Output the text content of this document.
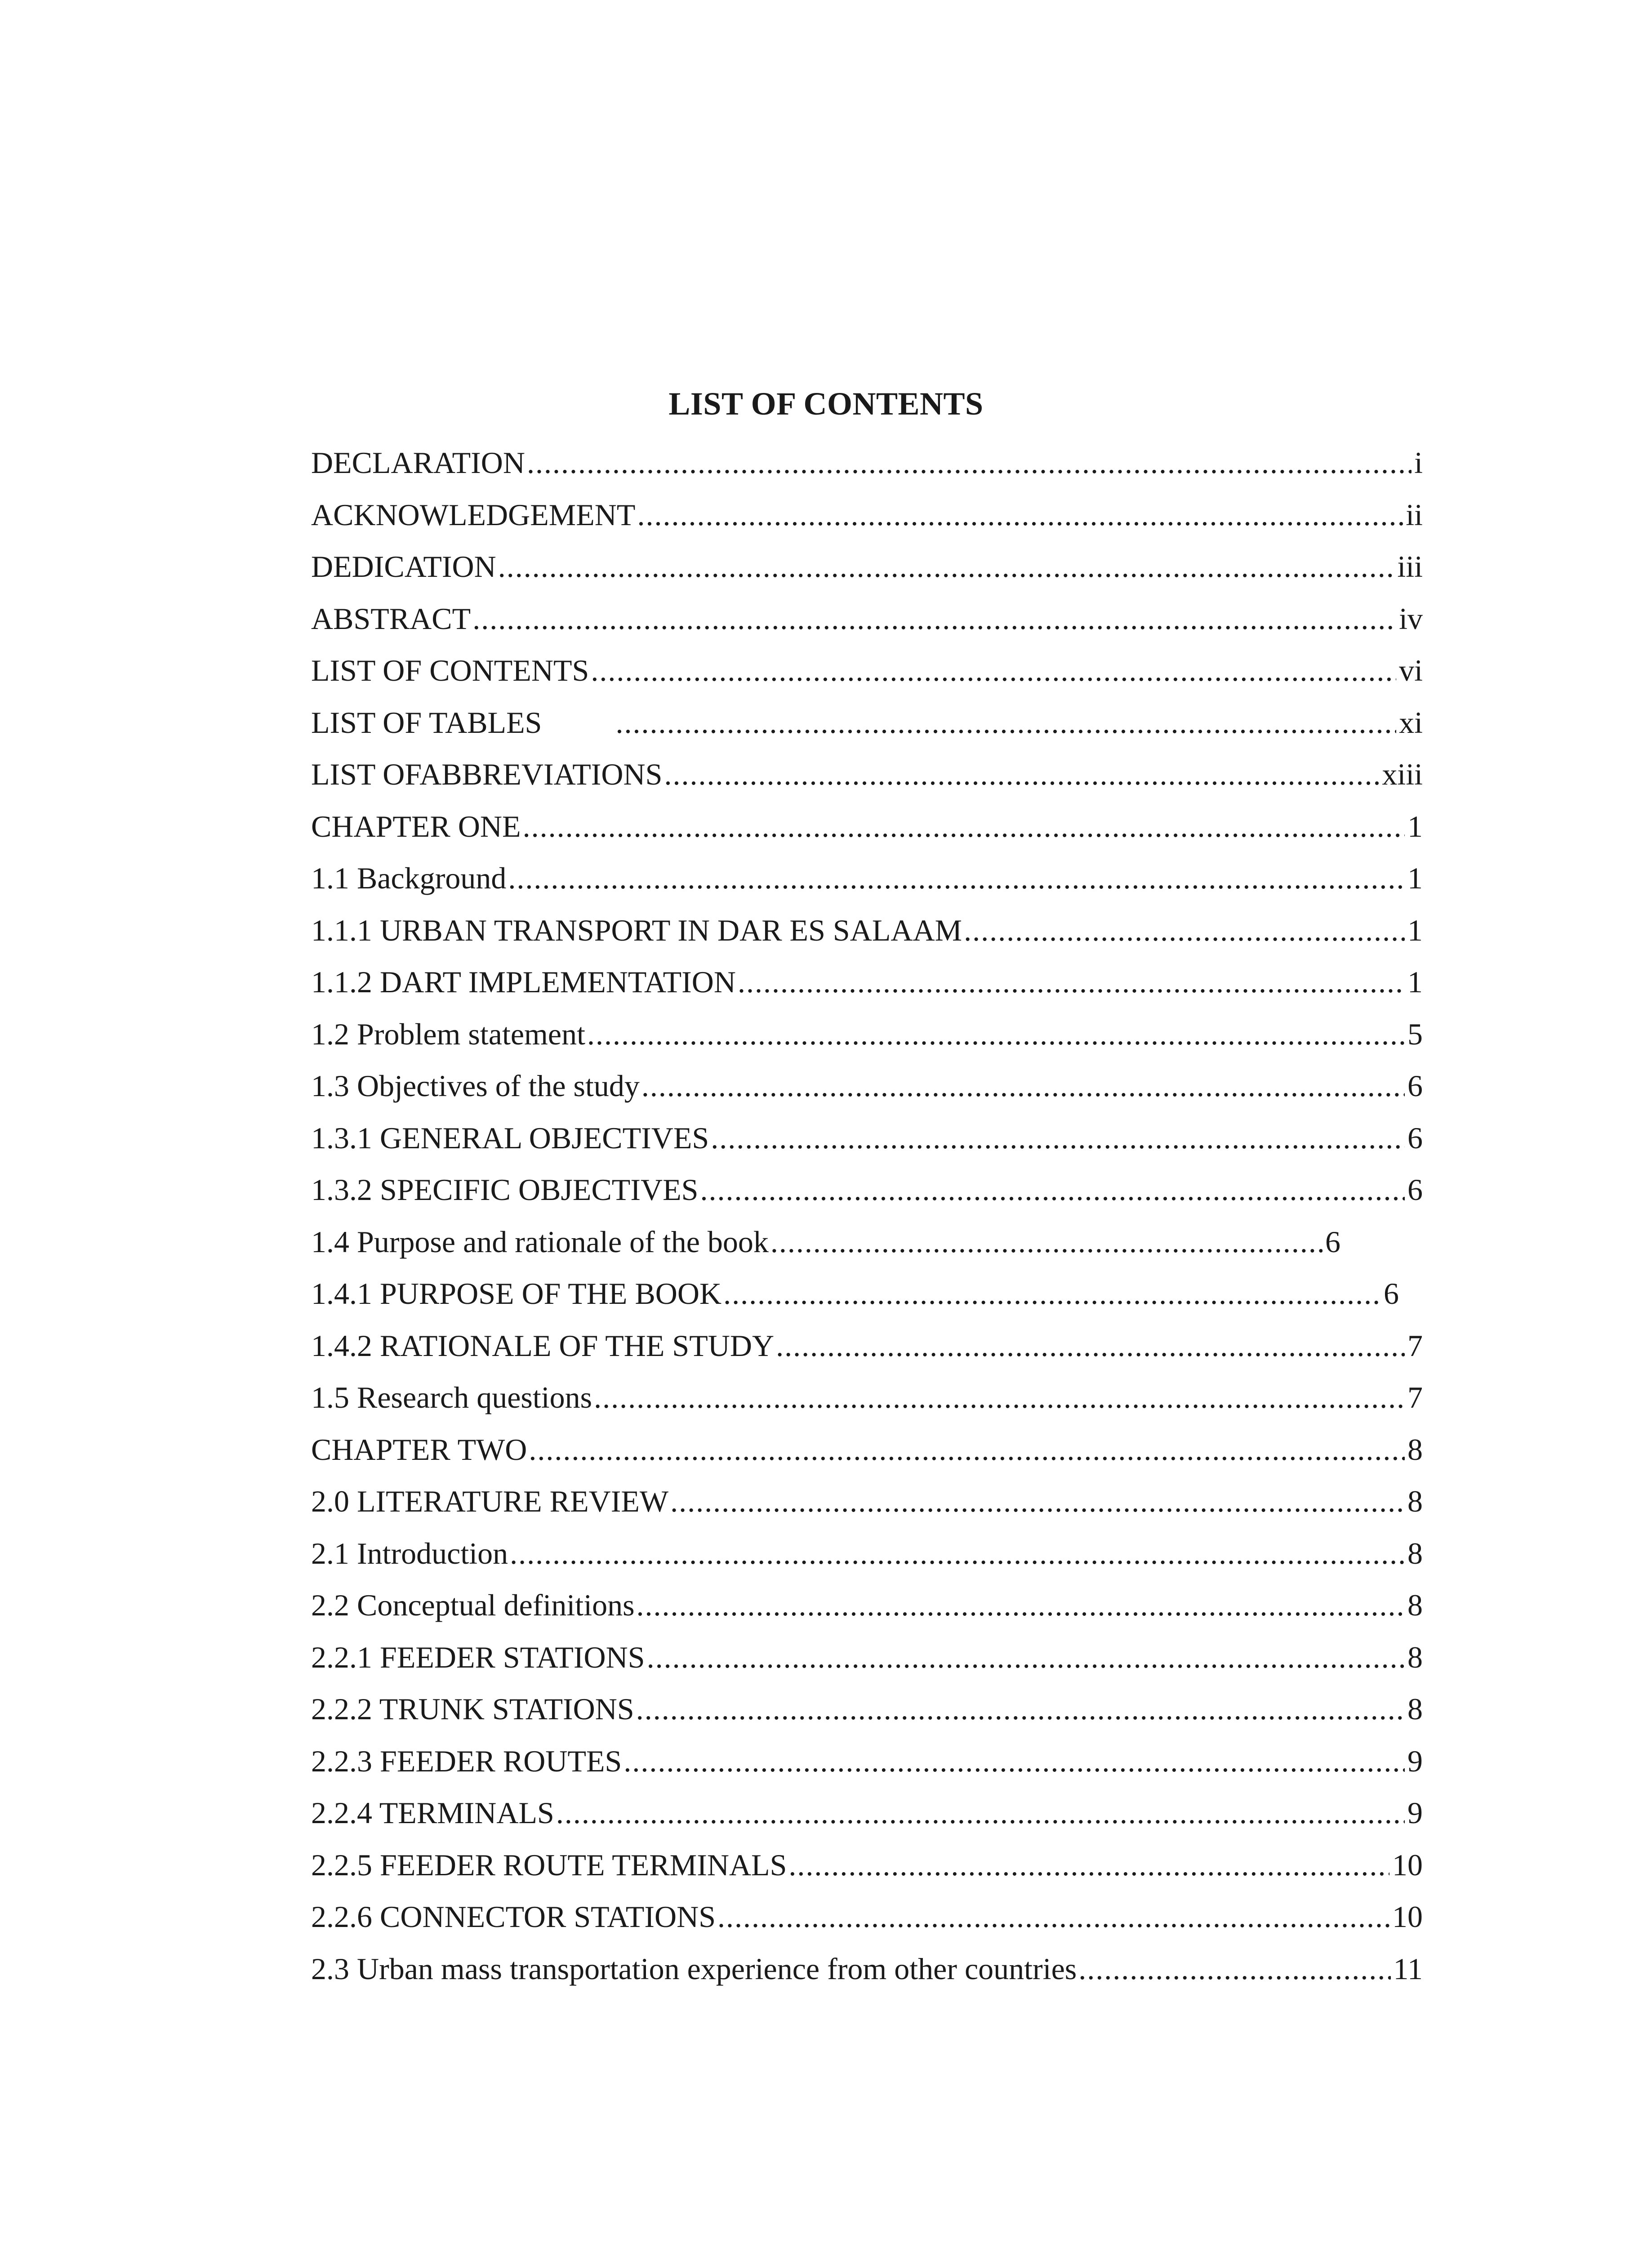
LIST OF CONTENTS
DECLARATION .....	i
ACKNOWLEDGEMENT .....	ii
DEDICATION .....	iii
ABSTRACT .....	iv
LIST OF CONTENTS .....	vi
LIST OF TABLES .....	xi
LIST OFABBREVIATIONS .....	xiii
CHAPTER ONE .....	1
1.1 Background .....	1
1.1.1 URBAN TRANSPORT IN DAR ES SALAAM .....	1
1.1.2 DART IMPLEMENTATION .....	1
1.2 Problem statement .....	5
1.3 Objectives of the study .....	6
1.3.1 GENERAL OBJECTIVES .....	6
1.3.2 SPECIFIC OBJECTIVES .....	6
1.4 Purpose and rationale of the book .....	6
1.4.1 PURPOSE OF THE BOOK .....	6
1.4.2 RATIONALE OF THE STUDY .....	7
1.5 Research questions .....	7
CHAPTER TWO .....	8
2.0 LITERATURE REVIEW .....	8
2.1 Introduction .....	8
2.2 Conceptual definitions .....	8
2.2.1 FEEDER STATIONS .....	8
2.2.2 TRUNK STATIONS .....	8
2.2.3 FEEDER ROUTES .....	9
2.2.4 TERMINALS .....	9
2.2.5 FEEDER ROUTE TERMINALS .....	10
2.2.6 CONNECTOR STATIONS .....	10
2.3 Urban mass transportation experience from other countries .....	11
